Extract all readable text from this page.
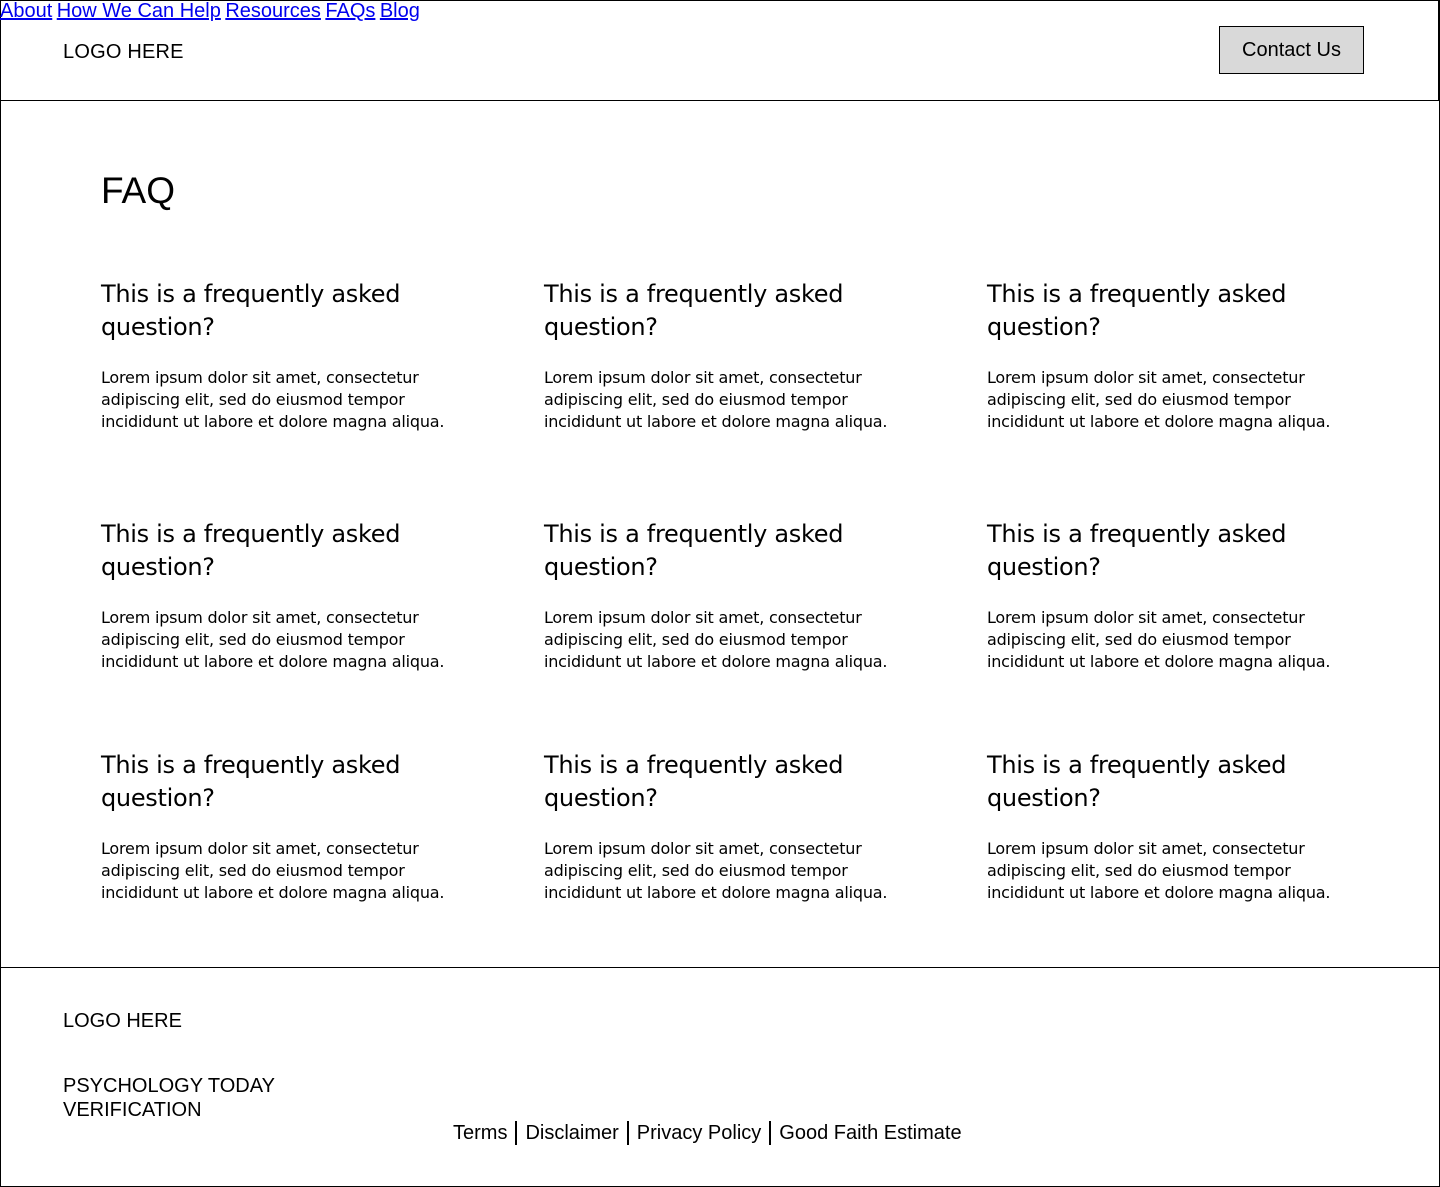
LOGO HERE
About How We Can Help Resources FAQs Blog
Contact Us
FAQ
This is a frequently asked question?

Lorem ipsum dolor sit amet, consectetur adipiscing elit, sed do eiusmod tempor incididunt ut labore et dolore magna aliqua.

This is a frequently asked question?

Lorem ipsum dolor sit amet, consectetur adipiscing elit, sed do eiusmod tempor incididunt ut labore et dolore magna aliqua.

This is a frequently asked question?

Lorem ipsum dolor sit amet, consectetur adipiscing elit, sed do eiusmod tempor incididunt ut labore et dolore magna aliqua.

This is a frequently asked question?

Lorem ipsum dolor sit amet, consectetur adipiscing elit, sed do eiusmod tempor incididunt ut labore et dolore magna aliqua.

This is a frequently asked question?

Lorem ipsum dolor sit amet, consectetur adipiscing elit, sed do eiusmod tempor incididunt ut labore et dolore magna aliqua.

This is a frequently asked question?

Lorem ipsum dolor sit amet, consectetur adipiscing elit, sed do eiusmod tempor incididunt ut labore et dolore magna aliqua.

This is a frequently asked question?

Lorem ipsum dolor sit amet, consectetur adipiscing elit, sed do eiusmod tempor incididunt ut labore et dolore magna aliqua.

This is a frequently asked question?

Lorem ipsum dolor sit amet, consectetur adipiscing elit, sed do eiusmod tempor incididunt ut labore et dolore magna aliqua.

This is a frequently asked question?

Lorem ipsum dolor sit amet, consectetur adipiscing elit, sed do eiusmod tempor incididunt ut labore et dolore magna aliqua.

LOGO HERE
PSYCHOLOGY TODAY VERIFICATION
Terms Disclaimer Privacy Policy Good Faith Estimate
